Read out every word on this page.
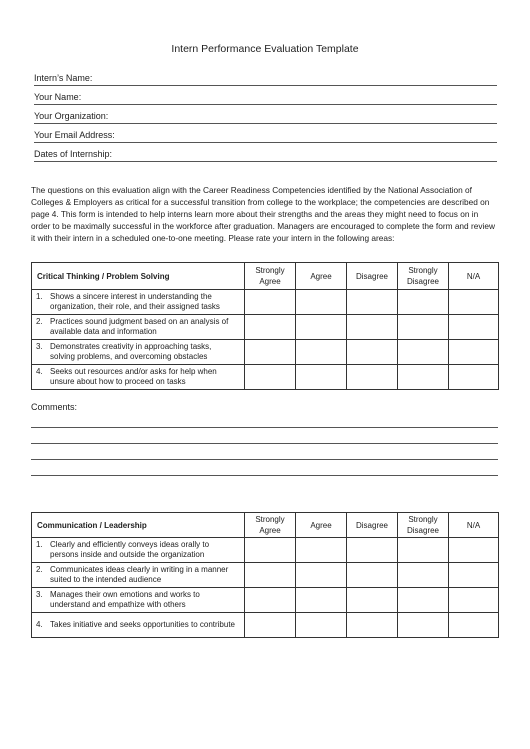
Intern Performance Evaluation Template
Intern’s Name:
Your Name:
Your Organization:
Your Email Address:
Dates of Internship:
The questions on this evaluation align with the Career Readiness Competencies identified by the National Association of Colleges & Employers as critical for a successful transition from college to the workplace; the competencies are described on page 4. This form is intended to help interns learn more about their strengths and the areas they might need to focus on in order to be maximally successful in the workforce after graduation. Managers are encouraged to complete the form and review it with their intern in a scheduled one-to-one meeting. Please rate your intern in the following areas:
Critical Thinking / Problem Solving	Strongly Agree	Agree	Disagree	Strongly Disagree	N/A
1. Shows a sincere interest in understanding the organization, their role, and their assigned tasks					
2. Practices sound judgment based on an analysis of available data and information					
3. Demonstrates creativity in approaching tasks, solving problems, and overcoming obstacles					
4. Seeks out resources and/or asks for help when unsure about how to proceed on tasks					
Comments:
Communication / Leadership	Strongly Agree	Agree	Disagree	Strongly Disagree	N/A
1. Clearly and efficiently conveys ideas orally to persons inside and outside the organization					
2. Communicates ideas clearly in writing in a manner suited to the intended audience					
3. Manages their own emotions and works to understand and empathize with others					
4. Takes initiative and seeks opportunities to contribute					
